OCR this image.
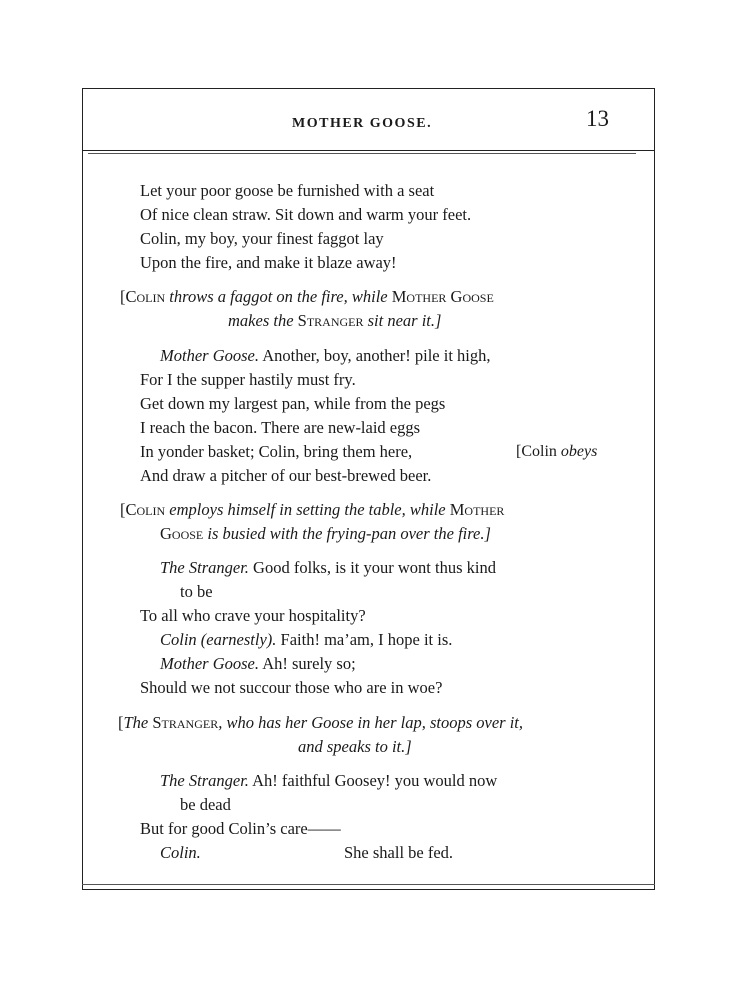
MOTHER GOOSE.	13
Let your poor goose be furnished with a seat
Of nice clean straw. Sit down and warm your feet.
Colin, my boy, your finest faggot lay
Upon the fire, and make it blaze away!
[Colin throws a faggot on the fire, while Mother Goose
makes the Stranger sit near it.]
Mother Goose. Another, boy, another! pile it high,
For I the supper hastily must fry.
Get down my largest pan, while from the pegs
I reach the bacon. There are new-laid eggs
In yonder basket; Colin, bring them here,	[Colin obeys
And draw a pitcher of our best-brewed beer.
[Colin employs himself in setting the table, while Mother
Goose is busied with the frying-pan over the fire.]
The Stranger. Good folks, is it your wont thus kind
to be
To all who crave your hospitality?
Colin (earnestly). Faith! ma’am, I hope it is.
Mother Goose. Ah! surely so;
Should we not succour those who are in woe?
[The Stranger, who has her Goose in her lap, stoops over it,
and speaks to it.]
The Stranger. Ah! faithful Goosey! you would now
be dead
But for good Colin’s care——
Colin.	She shall be fed.
